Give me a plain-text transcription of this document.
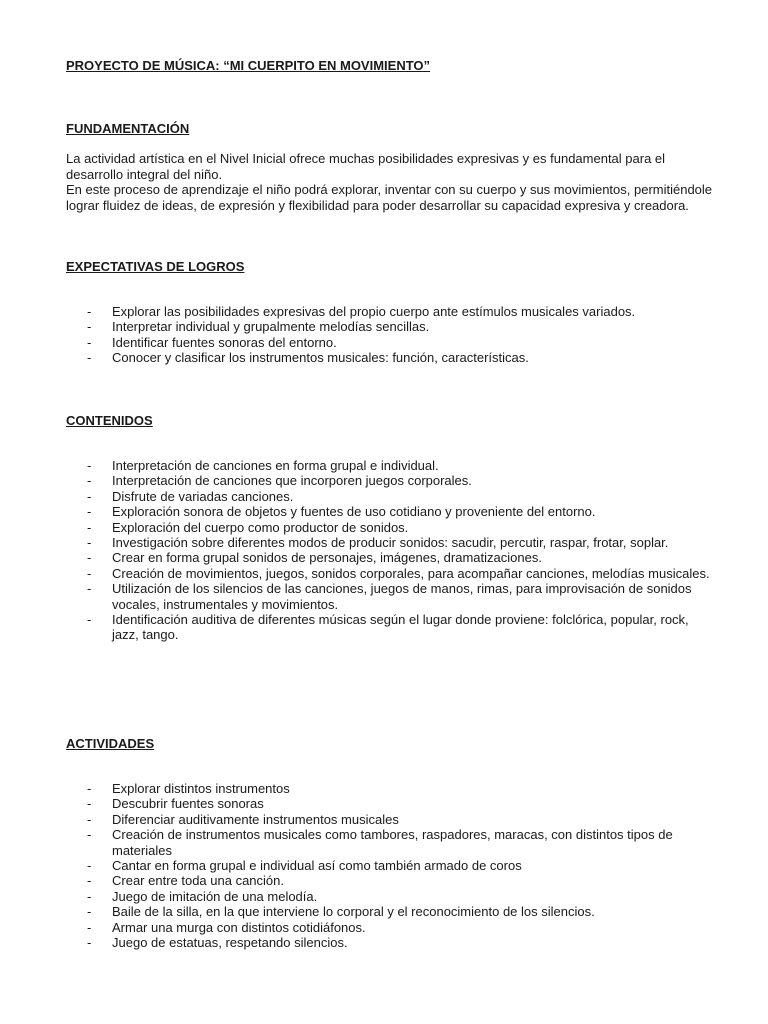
PROYECTO DE MÚSICA: “MI CUERPITO EN MOVIMIENTO”
FUNDAMENTACIÓN

La actividad artística en el Nivel Inicial ofrece muchas posibilidades expresivas y es fundamental para el desarrollo integral del niño.

En este proceso de aprendizaje el niño podrá explorar, inventar con su cuerpo y sus movimientos, permitiéndole lograr fluidez de ideas, de expresión y flexibilidad para poder desarrollar su capacidad expresiva y creadora.

EXPECTATIVAS DE LOGROS
- Explorar las posibilidades expresivas del propio cuerpo ante estímulos musicales variados.
- Interpretar individual y grupalmente melodías sencillas.
- Identificar fuentes sonoras del entorno.
- Conocer y clasificar los instrumentos musicales: función, características.
CONTENIDOS
- Interpretación de canciones en forma grupal e individual.
- Interpretación de canciones que incorporen juegos corporales.
- Disfrute de variadas canciones.
- Exploración sonora de objetos y fuentes de uso cotidiano y proveniente del entorno.
- Exploración del cuerpo como productor de sonidos.
- Investigación sobre diferentes modos de producir sonidos: sacudir, percutir, raspar, frotar, soplar.
- Crear en forma grupal sonidos de personajes, imágenes, dramatizaciones.
- Creación de movimientos, juegos, sonidos corporales, para acompañar canciones, melodías musicales.
- Utilización de los silencios de las canciones, juegos de manos, rimas, para improvisación de sonidos vocales, instrumentales y movimientos.
- Identificación auditiva de diferentes músicas según el lugar donde proviene: folclórica, popular, rock, jazz, tango.
ACTIVIDADES
- Explorar distintos instrumentos
- Descubrir fuentes sonoras
- Diferenciar auditivamente instrumentos musicales
- Creación de instrumentos musicales como tambores, raspadores, maracas, con distintos tipos de materiales
- Cantar en forma grupal e individual así como también armado de coros
- Crear entre toda una canción.
- Juego de imitación de una melodía.
- Baile de la silla, en la que interviene lo corporal y el reconocimiento de los silencios.
- Armar una murga con distintos cotidiáfonos.
- Juego de estatuas, respetando silencios.
